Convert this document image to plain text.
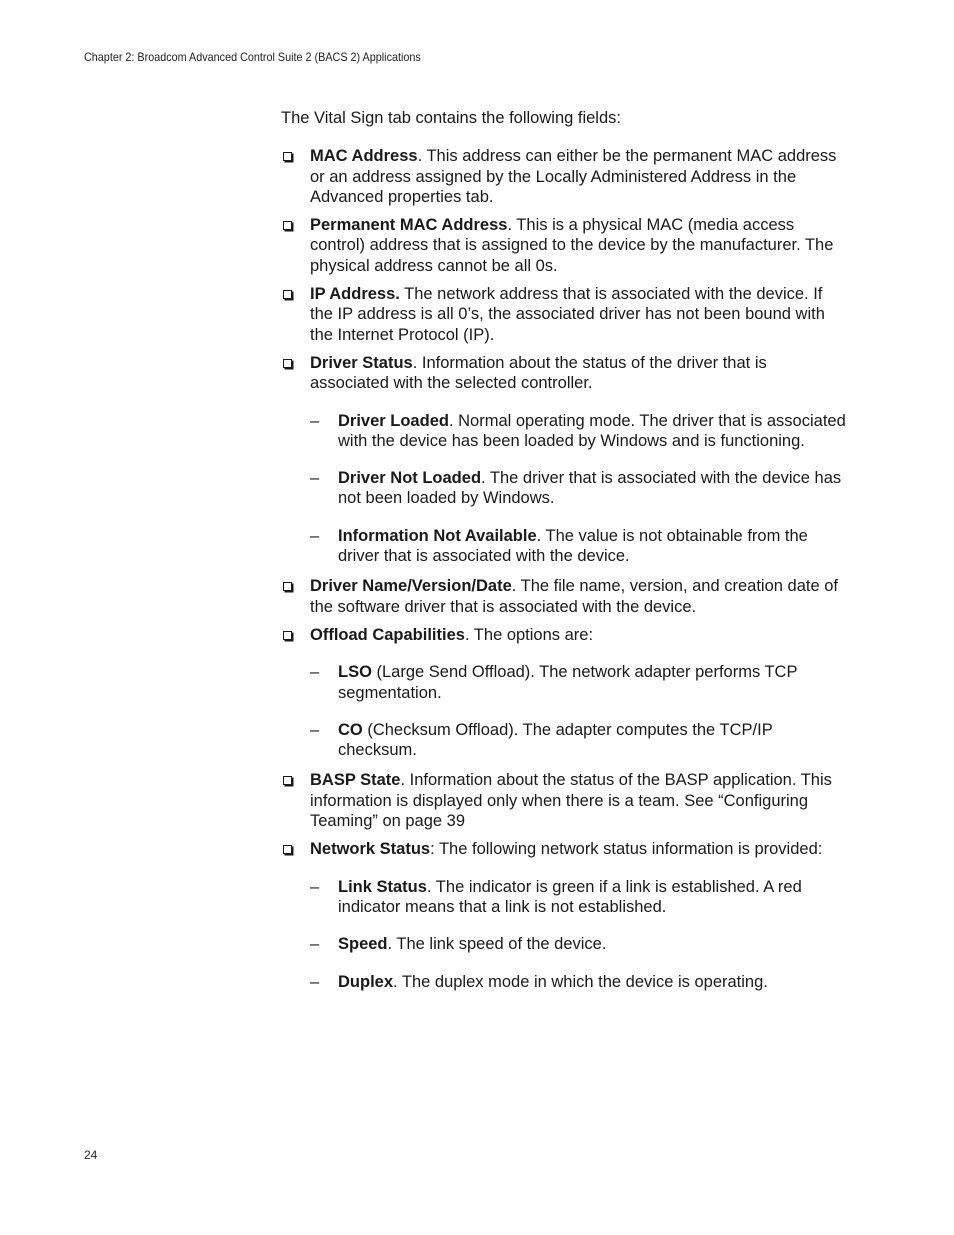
Chapter 2: Broadcom Advanced Control Suite 2 (BACS 2) Applications

The Vital Sign tab contains the following fields:

MAC Address. This address can either be the permanent MAC address or an address assigned by the Locally Administered Address in the Advanced properties tab.
Permanent MAC Address. This is a physical MAC (media access control) address that is assigned to the device by the manufacturer. The physical address cannot be all 0s.
IP Address. The network address that is associated with the device. If the IP address is all 0’s, the associated driver has not been bound with the Internet Protocol (IP).
Driver Status. Information about the status of the driver that is associated with the selected controller.
– Driver Loaded. Normal operating mode. The driver that is associated with the device has been loaded by Windows and is functioning.
– Driver Not Loaded. The driver that is associated with the device has not been loaded by Windows.
– Information Not Available. The value is not obtainable from the driver that is associated with the device.
Driver Name/Version/Date. The file name, version, and creation date of the software driver that is associated with the device.
Offload Capabilities. The options are:
– LSO (Large Send Offload). The network adapter performs TCP segmentation.
– CO (Checksum Offload). The adapter computes the TCP/IP checksum.
BASP State. Information about the status of the BASP application. This information is displayed only when there is a team. See “Configuring Teaming” on page 39
Network Status: The following network status information is provided:
– Link Status. The indicator is green if a link is established. A red indicator means that a link is not established.
– Speed. The link speed of the device.
– Duplex. The duplex mode in which the device is operating.
24
